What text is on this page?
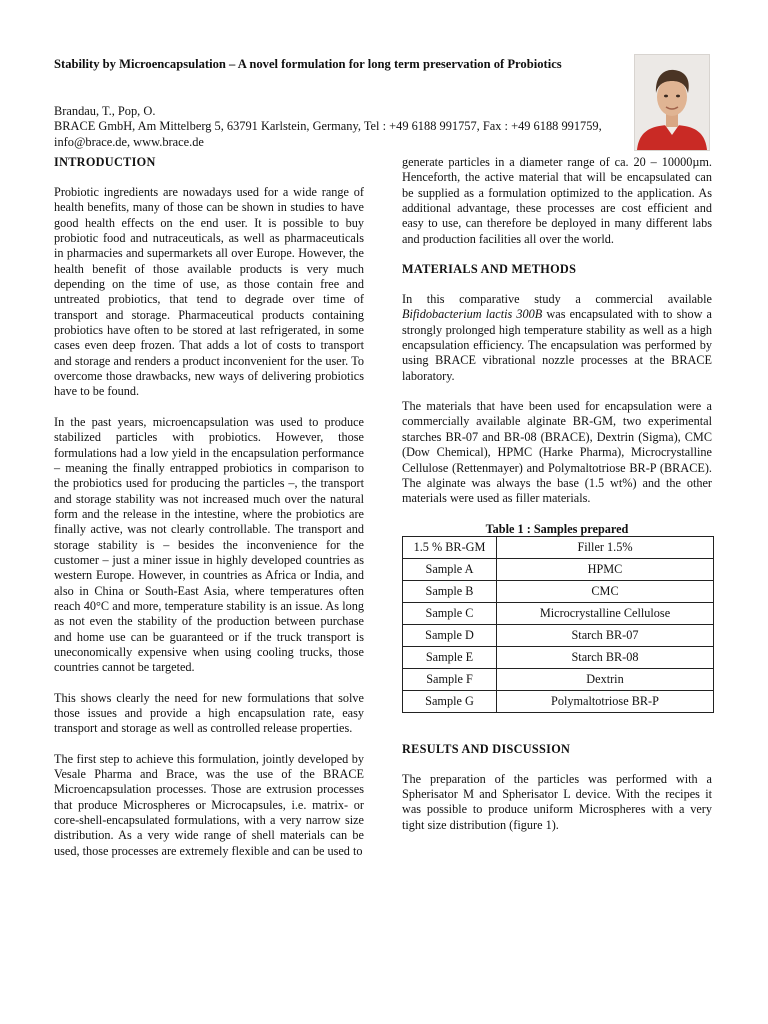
Stability by Microencapsulation – A novel formulation for long term preservation of Probiotics
Brandau, T., Pop, O.
BRACE GmbH, Am Mittelberg 5, 63791 Karlstein, Germany, Tel : +49 6188 991757, Fax : +49 6188 991759, info@brace.de, www.brace.de
INTRODUCTION

Probiotic ingredients are nowadays used for a wide range of health benefits, many of those can be shown in studies to have good health effects on the end user. It is possible to buy probiotic food and nutraceuticals, as well as pharmaceuticals in pharmacies and supermarkets all over Europe. However, the health benefit of those available products is very much depending on the time of use, as those contain free and untreated probiotics, that tend to degrade over time of transport and storage. Pharmaceutical products containing probiotics have often to be stored at last refrigerated, in some cases even deep frozen. That adds a lot of costs to transport and storage and renders a product inconvenient for the user. To overcome those drawbacks, new ways of delivering probiotics have to be found.

In the past years, microencapsulation was used to produce stabilized particles with probiotics. However, those formulations had a low yield in the encapsulation performance – meaning the finally entrapped probiotics in comparison to the probiotics used for producing the particles –, the transport and storage stability was not increased much over the natural form and the release in the intestine, where the probiotics are finally active, was not clearly controllable. The transport and storage stability is – besides the inconvenience for the customer – just a miner issue in highly developed countries as western Europe. However, in countries as Africa or India, and also in China or South-East Asia, where temperatures often reach 40°C and more, temperature stability is an issue. As long as not even the stability of the production between purchase and home use can be guaranteed or if the truck transport is uneconomically expensive when using cooling trucks, those countries cannot be targeted.

This shows clearly the need for new formulations that solve those issues and provide a high encapsulation rate, easy transport and storage as well as controlled release properties.

The first step to achieve this formulation, jointly developed by Vesale Pharma and Brace, was the use of the BRACE Microencapsulation processes. Those are extrusion processes that produce Microspheres or Microcapsules, i.e. matrix- or core-shell-encapsulated formulations, with a very narrow size distribution. As a very wide range of shell materials can be used, those processes are extremely flexible and can be used to

generate particles in a diameter range of ca. 20 – 10000µm. Henceforth, the active material that will be encapsulated can be supplied as a formulation optimized to the application. As additional advantage, these processes are cost efficient and easy to use, can therefore be deployed in many different labs and production facilities all over the world.

MATERIALS AND METHODS

In this comparative study a commercial available Bifidobacterium lactis 300B was encapsulated with to show a strongly prolonged high temperature stability as well as a high encapsulation efficiency. The encapsulation was performed by using BRACE vibrational nozzle processes at the BRACE laboratory.

The materials that have been used for encapsulation were a commercially available alginate BR-GM, two experimental starches BR-07 and BR-08 (BRACE), Dextrin (Sigma), CMC (Dow Chemical), HPMC (Harke Pharma), Microcrystalline Cellulose (Rettenmayer) and Polymaltotriose BR-P (BRACE). The alginate was always the base (1.5 wt%) and the other materials were used as filler materials.

Table 1 : Samples prepared
1.5 % BR-GM	Filler 1.5%
Sample A	HPMC
Sample B	CMC
Sample C	Microcrystalline Cellulose
Sample D	Starch BR-07
Sample E	Starch BR-08
Sample F	Dextrin
Sample G	Polymaltotriose BR-P
RESULTS AND DISCUSSION

The preparation of the particles was performed with a Spherisator M and Spherisator L device. With the recipes it was possible to produce uniform Microspheres with a very tight size distribution (figure 1).
